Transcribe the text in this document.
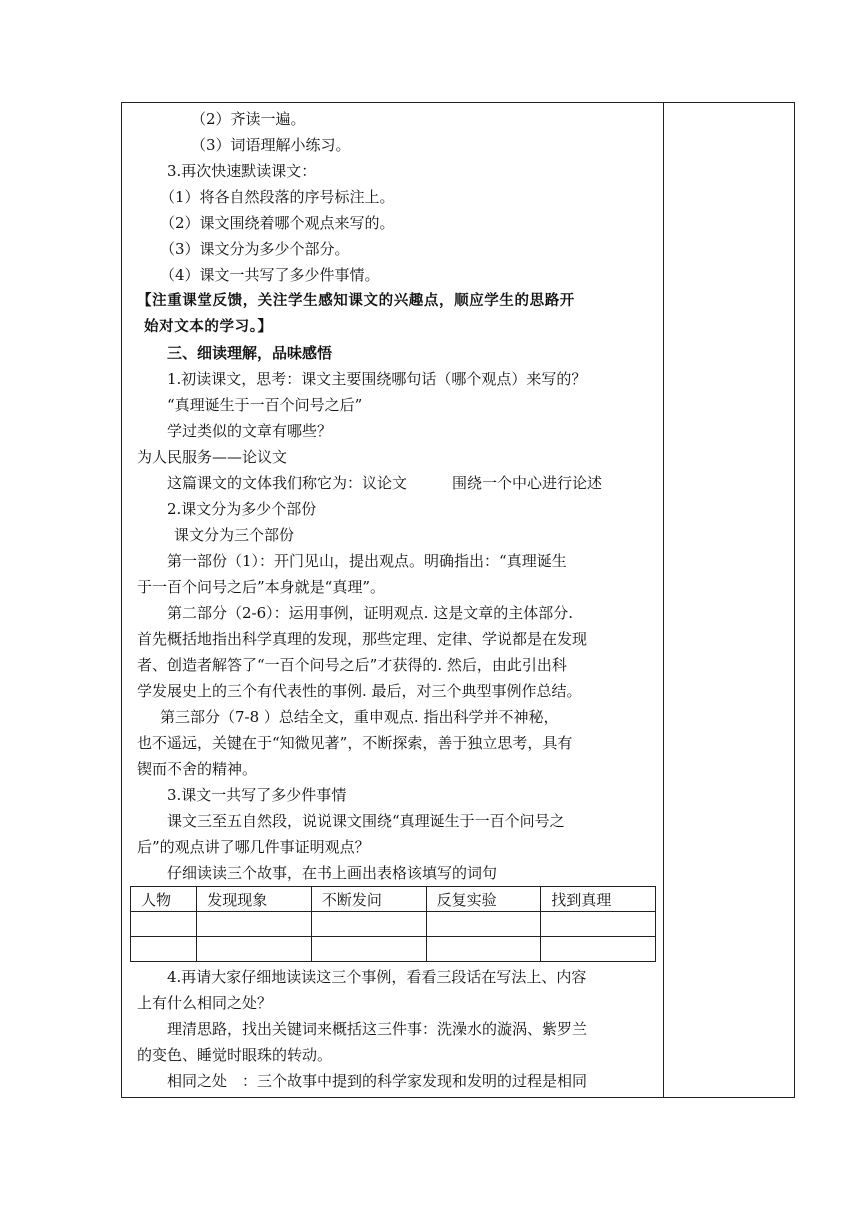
（2）齐读一遍。
（3）词语理解小练习。
3.再次快速默读课文：
（1）将各自然段落的序号标注上。
（2）课文围绕着哪个观点来写的。
（3）课文分为多少个部分。
（4）课文一共写了多少件事情。
【注重课堂反馈，关注学生感知课文的兴趣点，顺应学生的思路开
始对文本的学习。】
三、细读理解，品味感悟
1.初读课文，思考：课文主要围绕哪句话（哪个观点）来写的？
“真理诞生于一百个问号之后”
学过类似的文章有哪些？
为人民服务——论议文
这篇课文的文体我们称它为：议论文　　　围绕一个中心进行论述
2.课文分为多少个部份
课文分为三个部份
第一部份（1）：开门见山，提出观点。明确指出：“真理诞生
于一百个问号之后”本身就是“真理”。
第二部分（2-6）：运用事例，证明观点. 这是文章的主体部分.
首先概括地指出科学真理的发现，那些定理、定律、学说都是在发现
者、创造者解答了“一百个问号之后”才获得的. 然后，由此引出科
学发展史上的三个有代表性的事例. 最后，对三个典型事例作总结。
第三部分（7-8 ）总结全文，重申观点. 指出科学并不神秘，
也不遥远，关键在于“知微见著”，不断探索，善于独立思考，具有
锲而不舍的精神。
3.课文一共写了多少件事情
课文三至五自然段，说说课文围绕“真理诞生于一百个问号之
后”的观点讲了哪几件事证明观点？
仔细读读三个故事，在书上画出表格该填写的词句
人物	发现现象	不断发问	反复实验	找到真理

4.再请大家仔细地读读这三个事例，看看三段话在写法上、内容
上有什么相同之处？
理清思路，找出关键词来概括这三件事：洗澡水的漩涡、紫罗兰
的变色、睡觉时眼珠的转动。
相同之处　：三个故事中提到的科学家发现和发明的过程是相同
